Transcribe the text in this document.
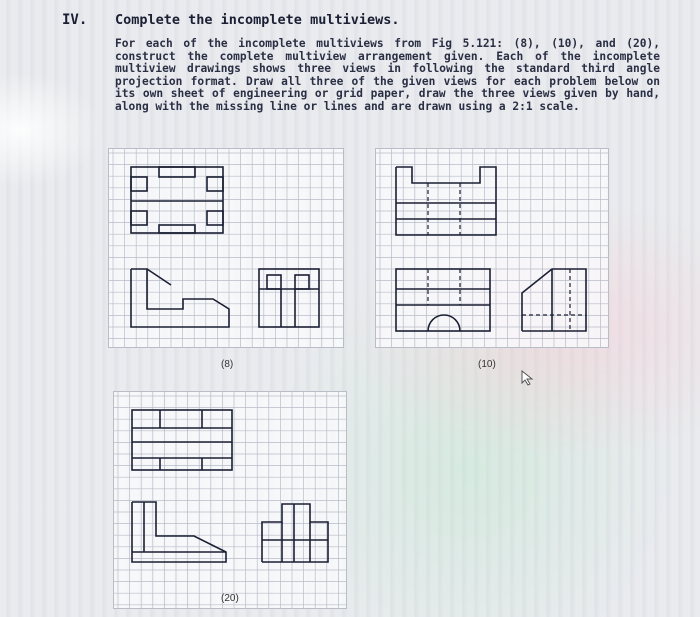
IV. Complete the incomplete multiviews.

For each of the incomplete multiviews from Fig 5.121: (8), (10), and (20), construct the complete multiview arrangement given. Each of the incomplete multiview drawings shows three views in following the standard third angle projection format. Draw all three of the given views for each problem below on its own sheet of engineering or grid paper, draw the three views given by hand, along with the missing line or lines and are drawn using a 2:1 scale.

(8)	(10)
(20)
